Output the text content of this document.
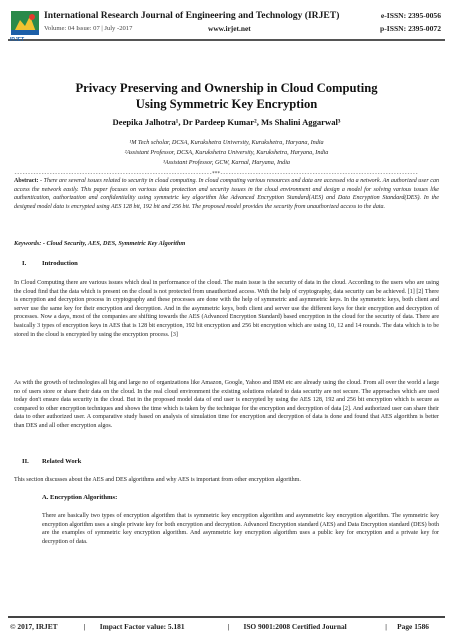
International Research Journal of Engineering and Technology (IRJET)
Volume: 04 Issue: 07 | July -2017	www.irjet.net
e-ISSN: 2395-0056
p-ISSN: 2395-0072
IRJET
Privacy Preserving and Ownership in Cloud Computing
Using Symmetric Key Encryption
Deepika Jalhotra¹, Dr Pardeep Kumar², Ms Shalini Aggarwal³
¹M Tech scholar, DCSA, Kurukshetra University, Kurukshetra, Haryana, India
²Assistant Professor, DCSA, Kurukshetra University, Kurukshetra, Haryana, India
³Assistant Professor, GCW, Karnal, Haryana, India
-------------------------------------------------------------------------***-------------------------------------------------------------------------
Abstract: - There are several issues related to security in cloud computing. In cloud computing various resources and data are accessed via a network. An authorized user can access the network easily. This paper focuses on various data protection and security issues in the cloud environment and design a model for solving various issues like authentication, authorization and confidentiality using symmetric key algorithm like Advanced Encryption Standard(AES) and Data Encryption Standard(DES). In the designed model data is encrypted using AES 128 bit, 192 bit and 256 bit. The proposed model provides the security from unauthorized access to the data.
Keywords: - Cloud Security, AES, DES, Symmetric Key Algorithm
I. Introduction
In Cloud Computing there are various issues which deal in performance of the cloud. The main issue is the security of data in the cloud. According to the users who are using the cloud find that the data which is present on the cloud is not protected from unauthorized access. With the help of cryptography, data security can be achieved. [1] [2] There is encryption and decryption process in cryptography and these processes are done with the help of symmetric and asymmetric keys. In the symmetric keys, both client and server use the same key for their encryption and decryption. And in the asymmetric keys, both client and server use the different keys for their encryption and decryption of processes. Now a days, most of the companies are shifting towards the AES (Advanced Encryption Standard) based encryption in the cloud for the security of data. There are basically 3 types of encryption keys in AES that is 128 bit encryption, 192 bit encryption and 256 bit encryption which are using 10, 12 and 14 rounds. The data which is to be stored in the cloud is encrypted by using the encryption process. [3]
As with the growth of technologies all big and large no of organizations like Amazon, Google, Yahoo and IBM etc are already using the cloud. From all over the world a large no of users store or share their data on the cloud. In the real cloud environment the existing solutions related to data security are not secure. The approaches which are used today don't ensure data security in the cloud. But in the proposed model data of end user is encrypted by using the AES 128, 192 and 256 bit encryption which is secure as compared to other encryption techniques and shows the time which is taken by the technique for the encryption and decryption of data [2]. And authorized user can share their data to other authorized user. A comparative study based on analysis of simulation time for encryption and decryption of data is done and found that AES algorithm is better than DES and all other encryption algos.
II. Related Work
This section discusses about the AES and DES algorithms and why AES is important from other encryption algorithm.
A. Encryption Algorithms:
There are basically two types of encryption algorithm that is symmetric key encryption algorithm and asymmetric key encryption algorithm. The symmetric key encryption algorithm uses a single private key for both encryption and decryption. Advanced Encryption standard (AES) and Data Encryption standard (DES) both are the examples of symmetric key encryption algorithm. And asymmetric key encryption algorithm uses a public key for encryption and a private key for decryption of data.
© 2017, IRJET	| Impact Factor value: 5.181	| ISO 9001:2008 Certified Journal	| Page 1586
